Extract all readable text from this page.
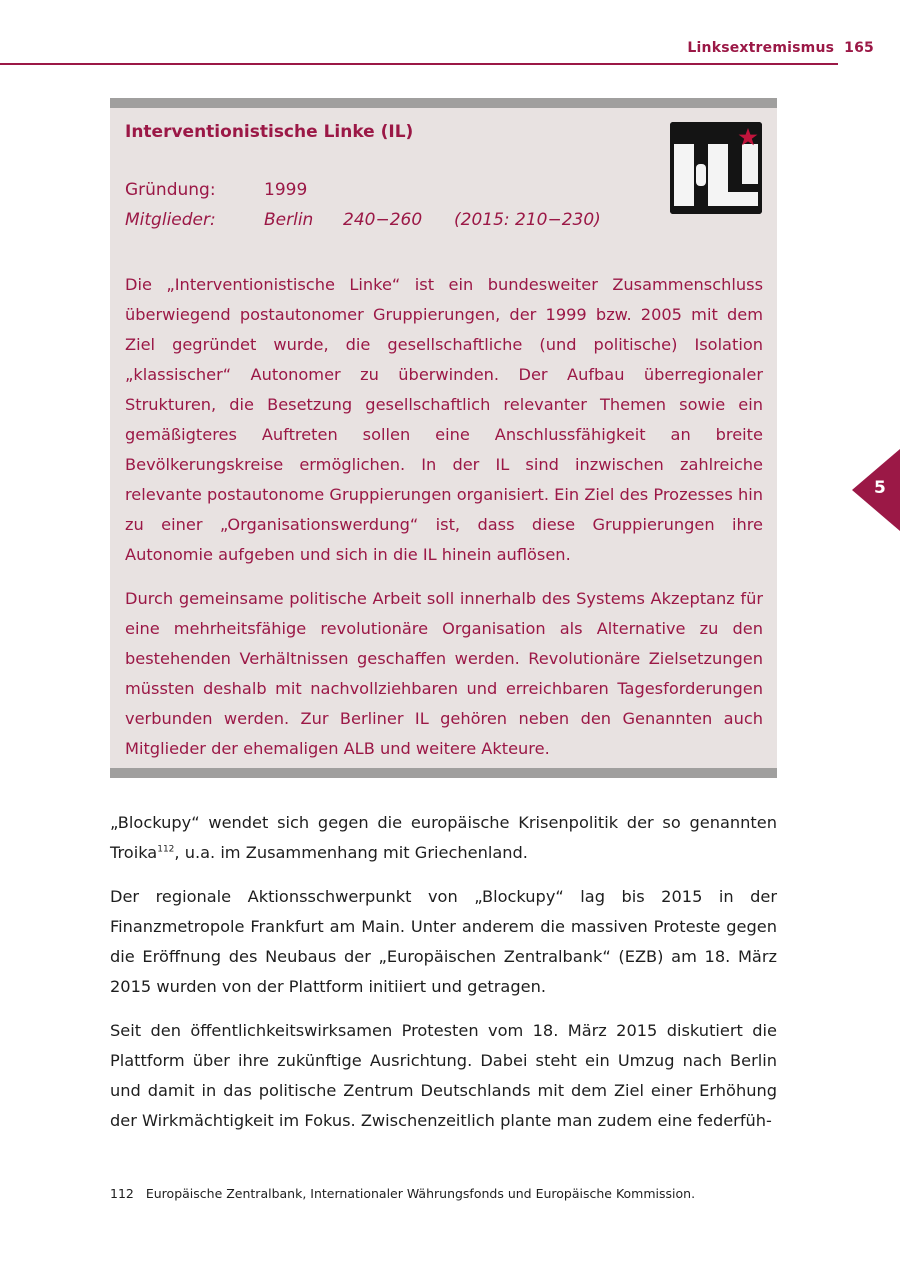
Linksextremismus 165
5
Interventionistische Linke (IL)
Gründung:	1999
Mitglieder:	Berlin 240−260 (2015: 210−230)

Die „Interventionistische Linke“ ist ein bundesweiter Zusammenschluss überwiegend postautonomer Gruppierungen, der 1999 bzw. 2005 mit dem Ziel gegründet wurde, die gesellschaftliche (und politische) Isolation „klassischer“ Autonomer zu überwinden. Der Aufbau überregionaler Strukturen, die Besetzung gesellschaftlich relevanter Themen sowie ein gemäßigteres Auftreten sollen eine Anschlussfähigkeit an breite Bevölkerungskreise ermöglichen. In der IL sind inzwischen zahlreiche relevante postautonome Gruppierungen organisiert. Ein Ziel des Prozesses hin zu einer „Organisationswerdung“ ist, dass diese Gruppierungen ihre Autonomie aufgeben und sich in die IL hinein auflösen.

Durch gemeinsame politische Arbeit soll innerhalb des Systems Akzeptanz für eine mehrheitsfähige revolutionäre Organisation als Alternative zu den bestehenden Verhältnissen geschaffen werden. Revolutionäre Zielsetzungen müssten deshalb mit nachvollziehbaren und erreichbaren Tagesforderungen verbunden werden. Zur Berliner IL gehören neben den Genannten auch Mitglieder der ehemaligen ALB und weitere Akteure.

„Blockupy“ wendet sich gegen die europäische Krisenpolitik der so genannten Troika$^{112}$, u.a. im Zusammenhang mit Griechenland.

Der regionale Aktionsschwerpunkt von „Blockupy“ lag bis 2015 in der Finanzmetropole Frankfurt am Main. Unter anderem die massiven Proteste gegen die Eröffnung des Neubaus der „Europäischen Zentralbank“ (EZB) am 18. März 2015 wurden von der Plattform initiiert und getragen.

Seit den öffentlichkeitswirksamen Protesten vom 18. März 2015 diskutiert die Plattform über ihre zukünftige Ausrichtung. Dabei steht ein Umzug nach Berlin und damit in das politische Zentrum Deutschlands mit dem Ziel einer Erhöhung der Wirkmächtigkeit im Fokus. Zwischenzeitlich plante man zudem eine federfüh-

112 Europäische Zentralbank, Internationaler Währungsfonds und Europäische Kommission.
